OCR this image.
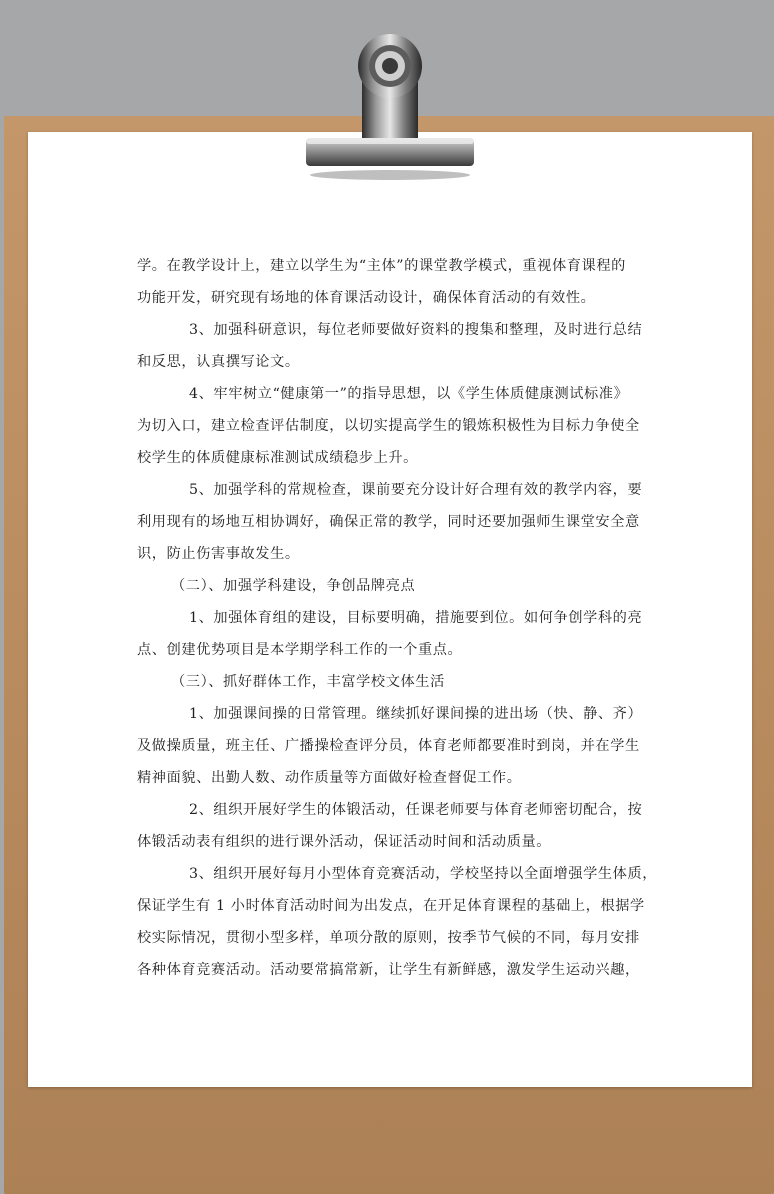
学。在教学设计上，建立以学生为“主体”的课堂教学模式，重视体育课程的
功能开发，研究现有场地的体育课活动设计，确保体育活动的有效性。
3、加强科研意识，每位老师要做好资料的搜集和整理，及时进行总结
和反思，认真撰写论文。
4、牢牢树立“健康第一”的指导思想，以《学生体质健康测试标准》
为切入口，建立检查评估制度，以切实提高学生的锻炼积极性为目标力争使全
校学生的体质健康标准测试成绩稳步上升。
5、加强学科的常规检查，课前要充分设计好合理有效的教学内容，要
利用现有的场地互相协调好，确保正常的教学，同时还要加强师生课堂安全意
识，防止伤害事故发生。
（二）、加强学科建设，争创品牌亮点
1、加强体育组的建设，目标要明确，措施要到位。如何争创学科的亮
点、创建优势项目是本学期学科工作的一个重点。
（三）、抓好群体工作，丰富学校文体生活
1、加强课间操的日常管理。继续抓好课间操的进出场（快、静、齐）
及做操质量，班主任、广播操检查评分员，体育老师都要准时到岗，并在学生
精神面貌、出勤人数、动作质量等方面做好检查督促工作。
2、组织开展好学生的体锻活动，任课老师要与体育老师密切配合，按
体锻活动表有组织的进行课外活动，保证活动时间和活动质量。
3、组织开展好每月小型体育竞赛活动，学校坚持以全面增强学生体质，
保证学生有 1 小时体育活动时间为出发点，在开足体育课程的基础上，根据学
校实际情况，贯彻小型多样，单项分散的原则，按季节气候的不同，每月安排
各种体育竞赛活动。活动要常搞常新，让学生有新鲜感，激发学生运动兴趣，
